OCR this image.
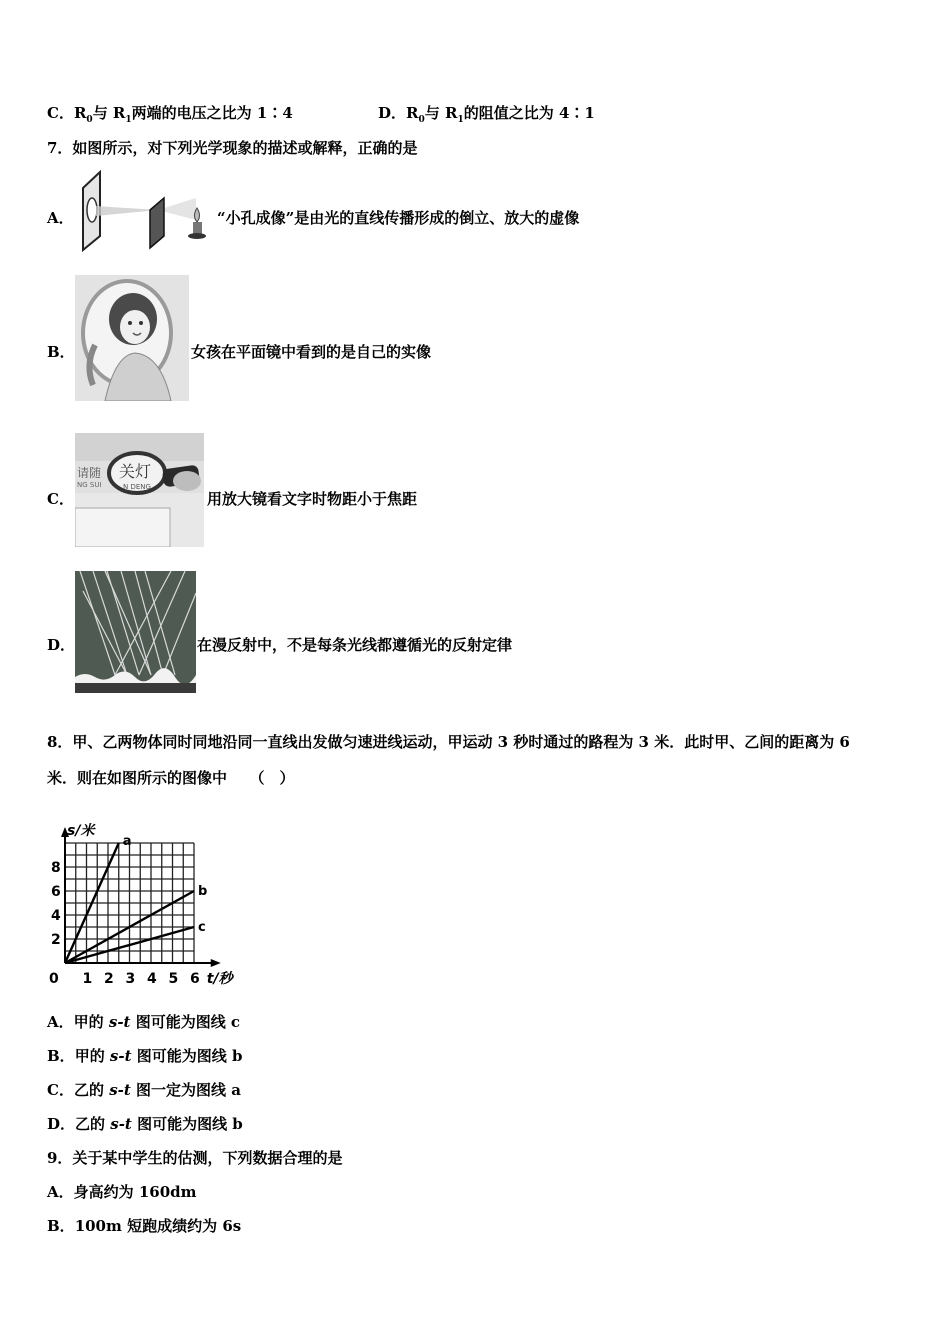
C．$R_0$与 $R_1$两端的电压之比为 1∶4	D．$R_0$与 $R_1$的阻值之比为 4∶1
7．如图所示，对下列光学现象的描述或解释，正确的是
A．	“小孔成像”是由光的直线传播形成的倒立、放大的虚像
B．	女孩在平面镜中看到的是自己的实像
C．
请随
NG SUI
关灯
N DENG
用放大镜看文字时物距小于焦距
D．	在漫反射中，不是每条光线都遵循光的反射定律
8．甲、乙两物体同时同地沿同一直线出发做匀速进线运动，甲运动 3 秒时通过的路程为 3 米．此时甲、乙间的距离为 6
米．则在如图所示的图像中　　（　）
a
b
c
0 1 2 3 4 5 6
2
4
6
8
t/秒
s/米
A．甲的 s-t 图可能为图线 c
B．甲的 s-t 图可能为图线 b
C．乙的 s-t 图一定为图线 a
D．乙的 s-t 图可能为图线 b
9．关于某中学生的估测，下列数据合理的是
A．身高约为 160dm
B．100m 短跑成绩约为 6s
